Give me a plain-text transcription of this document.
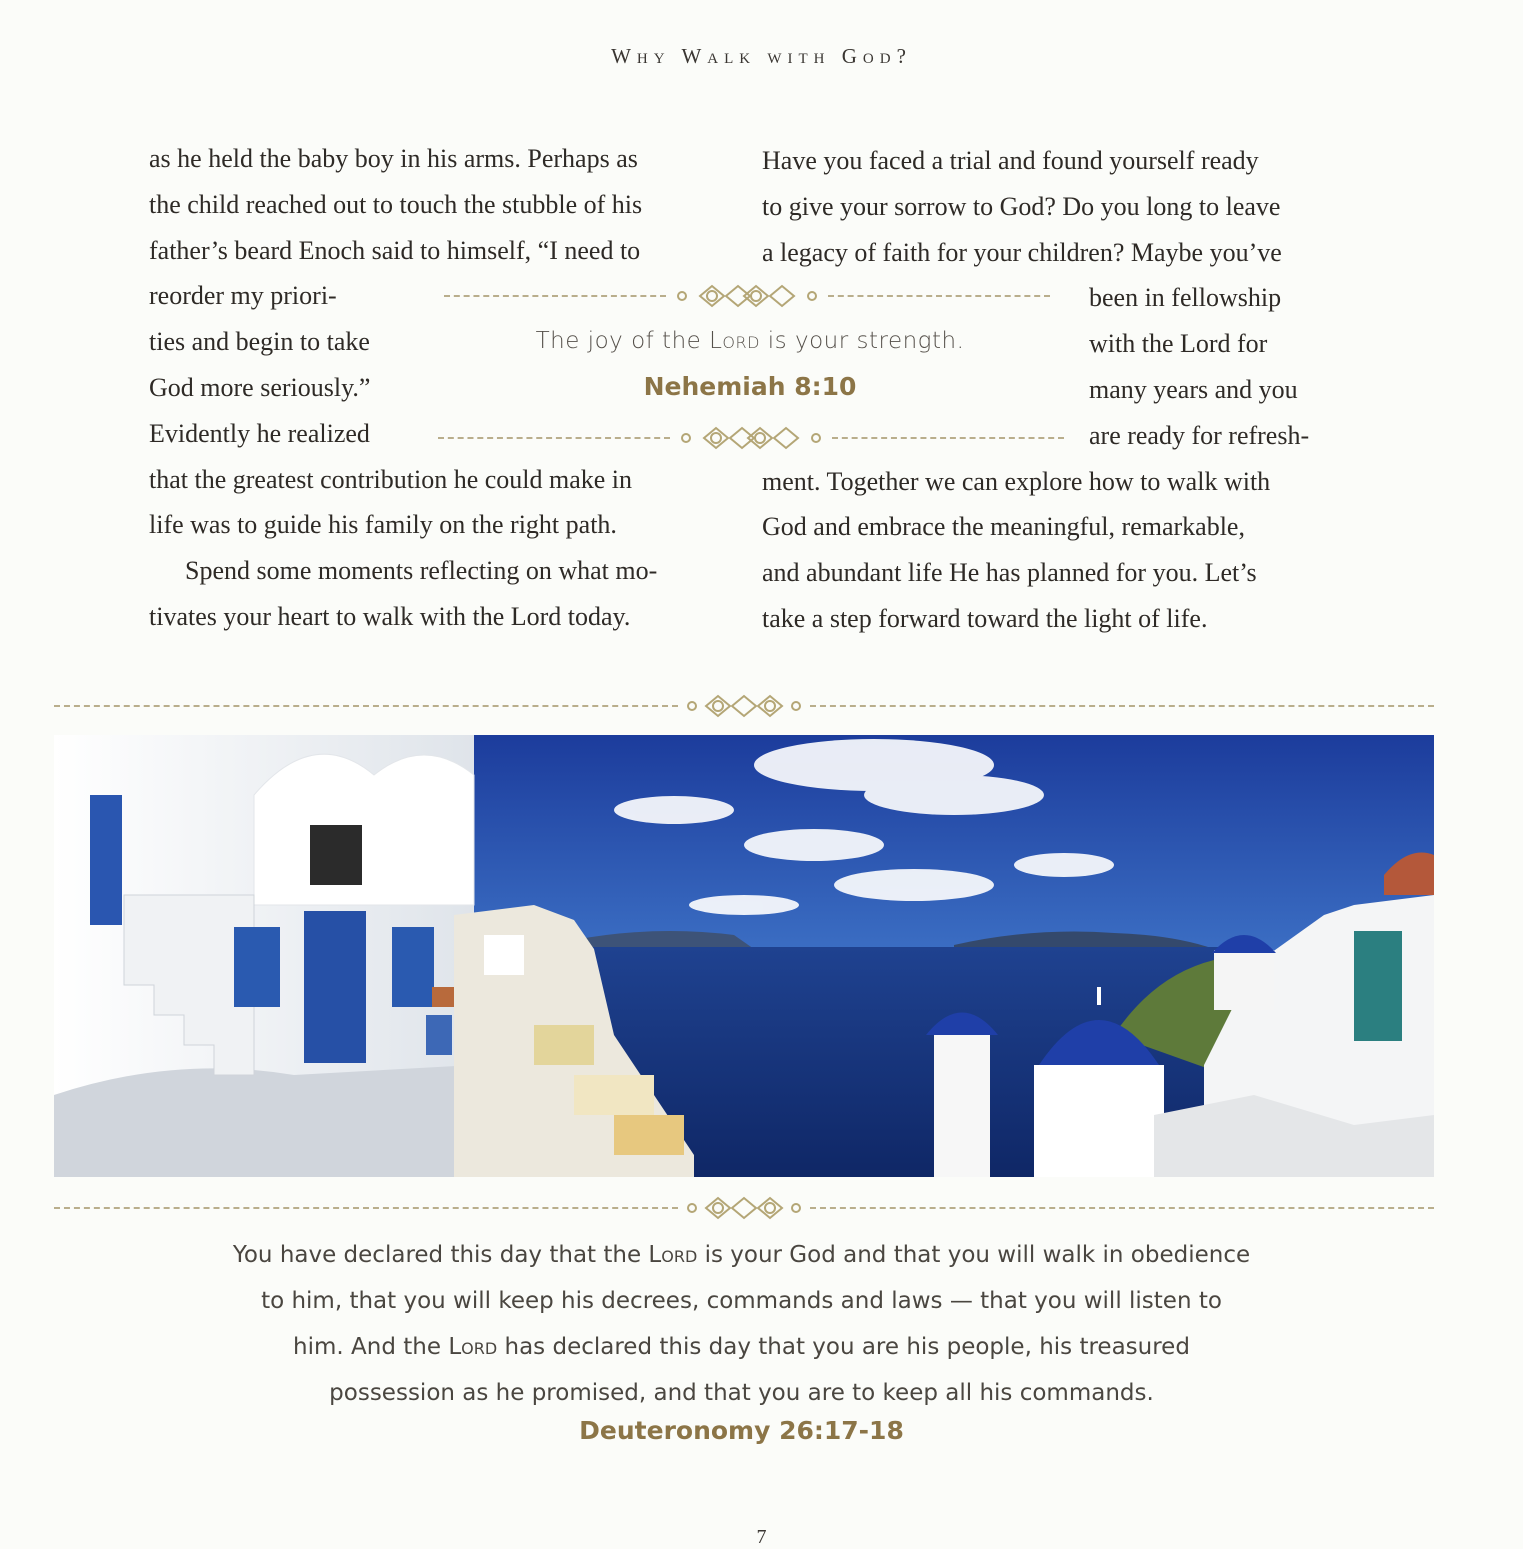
Why Walk with God?
as he held the baby boy in his arms. Perhaps as
the child reached out to touch the stubble of his
father’s beard Enoch said to himself, “I need to
reorder my priori-
ties and begin to take
God more seriously.”
Evidently he realized
that the greatest contribution he could make in
life was to guide his family on the right path.
Spend some moments reflecting on what mo-
tivates your heart to walk with the Lord today.
Have you faced a trial and found yourself ready
to give your sorrow to God? Do you long to leave
a legacy of faith for your children? Maybe you’ve
been in fellowship
with the Lord for
many years and you
are ready for refresh-
ment. Together we can explore how to walk with
God and embrace the meaningful, remarkable,
and abundant life He has planned for you. Let’s
take a step forward toward the light of life.
The joy of the Lord is your strength.
Nehemiah 8:10
You have declared this day that the Lord is your God and that you will walk in obedience
to him, that you will keep his decrees, commands and laws — that you will listen to
him. And the Lord has declared this day that you are his people, his treasured
possession as he promised, and that you are to keep all his commands.
Deuteronomy 26:17-18
7
